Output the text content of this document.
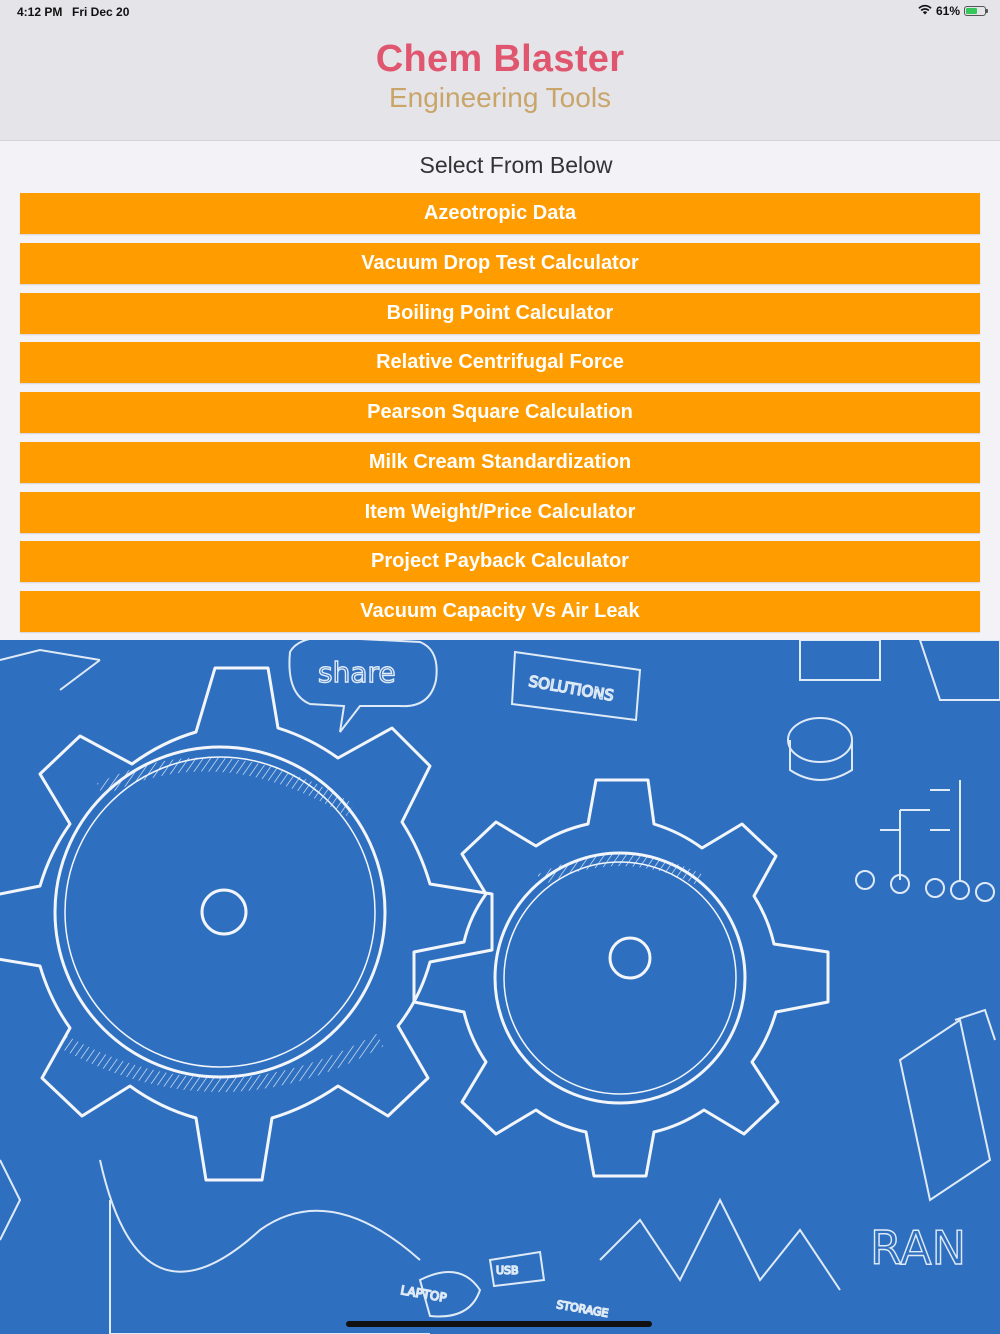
Chem Blaster
Engineering Tools
4:12 PM Fri Dec 20	61%
Select From Below
Azeotropic Data
Vacuum Drop Test Calculator
Boiling Point Calculator
Relative Centrifugal Force
Pearson Square Calculation
Milk Cream Standardization
Item Weight/Price Calculator
Project Payback Calculator
Vacuum Capacity Vs Air Leak
share	SOLUTIONS
RAN
LAPTOP
USB
STORAGE
